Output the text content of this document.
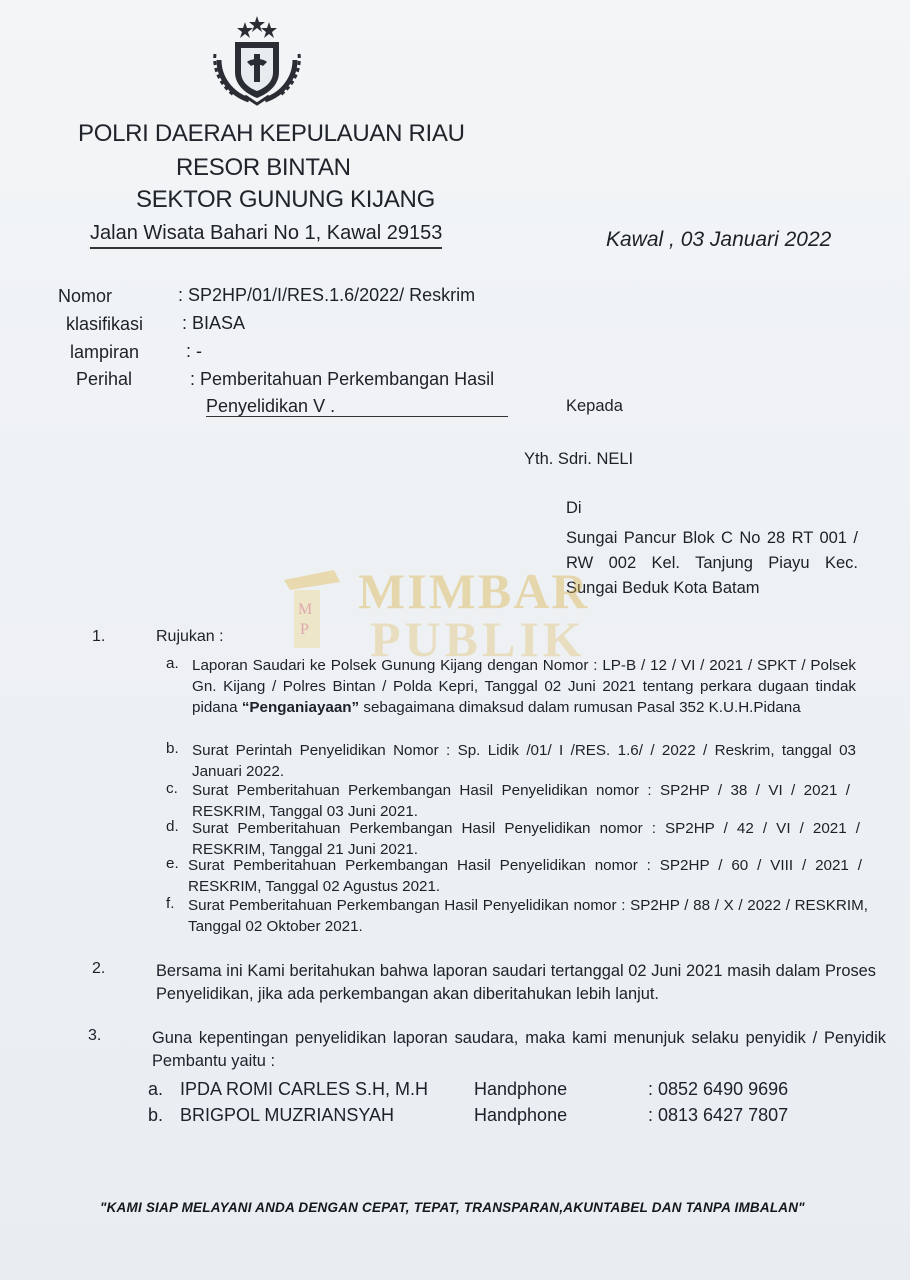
POLRI DAERAH KEPULAUAN RIAU
RESOR BINTAN
SEKTOR GUNUNG KIJANG
Jalan Wisata Bahari No 1, Kawal 29153	Kawal , 03 Januari 2022
Nomor	: SP2HP/01/I/RES.1.6/2022/ Reskrim
klasifikasi : BIASA
lampiran	: -
Perihal	: Pemberitahuan Perkembangan Hasil
Penyelidikan V .	Kepada
Yth. Sdri. NELI
Di
Sungai Pancur Blok C No 28 RT 001 / RW 002 Kel. Tanjung Piayu Kec. Sungai Beduk Kota Batam
M
P
MIMBAR
PUBLIK
1.	Rujukan :
a. Laporan Saudari ke Polsek Gunung Kijang dengan Nomor : LP-B / 12 / VI / 2021 / SPKT / Polsek Gn. Kijang / Polres Bintan / Polda Kepri, Tanggal 02 Juni 2021 tentang perkara dugaan tindak pidana “Penganiayaan” sebagaimana dimaksud dalam rumusan Pasal 352 K.U.H.Pidana
b. Surat Perintah Penyelidikan Nomor : Sp. Lidik /01/ I /RES. 1.6/ / 2022 / Reskrim, tanggal 03 Januari 2022.
c. Surat Pemberitahuan Perkembangan Hasil Penyelidikan nomor : SP2HP / 38 / VI / 2021 / RESKRIM, Tanggal 03 Juni 2021.
d. Surat Pemberitahuan Perkembangan Hasil Penyelidikan nomor : SP2HP / 42 / VI / 2021 / RESKRIM, Tanggal 21 Juni 2021.
e. Surat Pemberitahuan Perkembangan Hasil Penyelidikan nomor : SP2HP / 60 / VIII / 2021 / RESKRIM, Tanggal 02 Agustus 2021.
f. Surat Pemberitahuan Perkembangan Hasil Penyelidikan nomor : SP2HP / 88 / X / 2022 / RESKRIM, Tanggal 02 Oktober 2021.
2.	Bersama ini Kami beritahukan bahwa laporan saudari tertanggal 02 Juni 2021 masih dalam Proses Penyelidikan, jika ada perkembangan akan diberitahukan lebih lanjut.
3.	Guna kepentingan penyelidikan laporan saudara, maka kami menunjuk selaku penyidik / Penyidik Pembantu yaitu :
a. IPDA ROMI CARLES S.H, M.H	Handphone	: 0852 6490 9696
b. BRIGPOL MUZRIANSYAH	Handphone	: 0813 6427 7807
"KAMI SIAP MELAYANI ANDA DENGAN CEPAT, TEPAT, TRANSPARAN,AKUNTABEL DAN TANPA IMBALAN"
